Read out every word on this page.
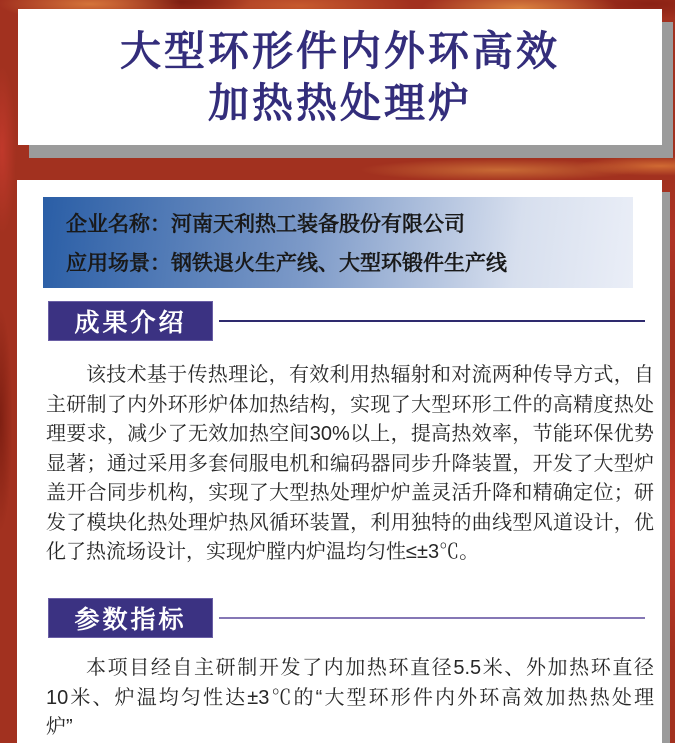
大型环形件内外环高效
加热热处理炉
企业名称：河南天利热工装备股份有限公司
应用场景：钢铁退火生产线、大型环锻件生产线
成果介绍
该技术基于传热理论，有效利用热辐射和对流两种传导方式，自
主研制了内外环形炉体加热结构，实现了大型环形工件的高精度热处
理要求，减少了无效加热空间30%以上，提高热效率，节能环保优势
显著；通过采用多套伺服电机和编码器同步升降装置，开发了大型炉
盖开合同步机构，实现了大型热处理炉炉盖灵活升降和精确定位；研
发了模块化热处理炉热风循环装置，利用独特的曲线型风道设计，优
化了热流场设计，实现炉膛内炉温均匀性≤±3℃。
参数指标
本项目经自主研制开发了内加热环直径5.5米、外加热环直径
10米、炉温均匀性达±3℃的“大型环形件内外环高效加热热处理
炉”
